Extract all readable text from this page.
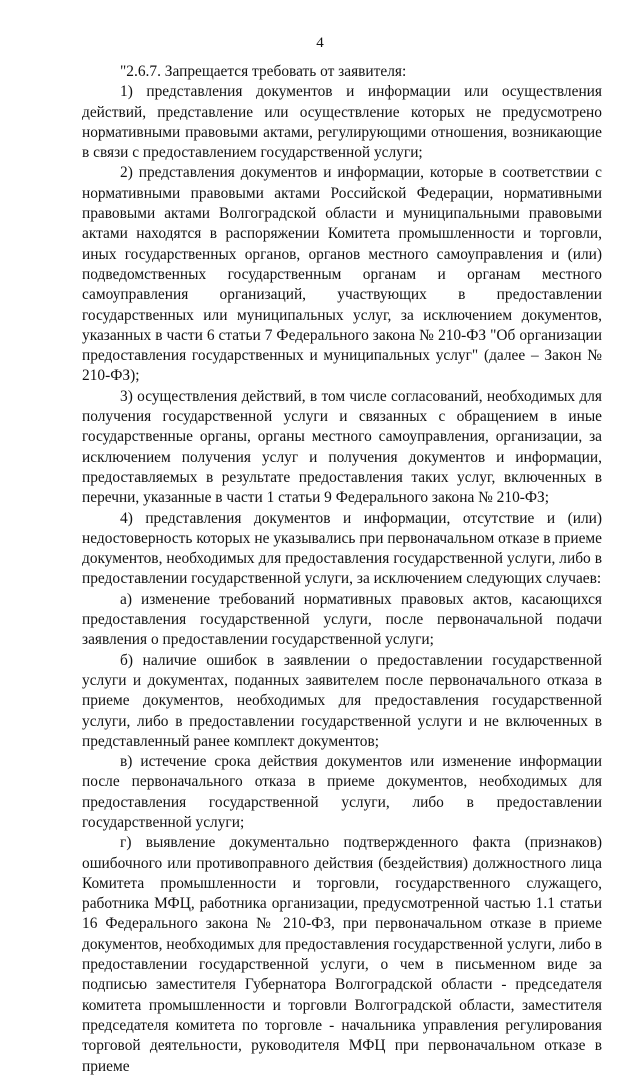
4

"2.6.7. Запрещается требовать от заявителя:

1) представления документов и информации или осуществления действий, представление или осуществление которых не предусмотрено нормативными правовыми актами, регулирующими отношения, возникающие в связи с предоставлением государственной услуги;

2) представления документов и информации, которые в соответствии с нормативными правовыми актами Российской Федерации, нормативными правовыми актами Волгоградской области и муниципальными правовыми актами находятся в распоряжении Комитета промышленности и торговли, иных государственных органов, органов местного самоуправления и (или) подведомственных государственным органам и органам местного самоуправления организаций, участвующих в предоставлении государственных или муниципальных услуг, за исключением документов, указанных в части 6 статьи 7 Федерального закона № 210-ФЗ "Об организации предоставления государственных и муниципальных услуг" (далее – Закон № 210-ФЗ);

3) осуществления действий, в том числе согласований, необходимых для получения государственной услуги и связанных с обращением в иные государственные органы, органы местного самоуправления, организации, за исключением получения услуг и получения документов и информации, предоставляемых в результате предоставления таких услуг, включенных в перечни, указанные в части 1 статьи 9 Федерального закона № 210-ФЗ;

4) представления документов и информации, отсутствие и (или) недостоверность которых не указывались при первоначальном отказе в приеме документов, необходимых для предоставления государственной услуги, либо в предоставлении государственной услуги, за исключением следующих случаев:

а) изменение требований нормативных правовых актов, касающихся предоставления государственной услуги, после первоначальной подачи заявления о предоставлении государственной услуги;

б) наличие ошибок в заявлении о предоставлении государственной услуги и документах, поданных заявителем после первоначального отказа в приеме документов, необходимых для предоставления государственной услуги, либо в предоставлении государственной услуги и не включенных в представленный ранее комплект документов;

в) истечение срока действия документов или изменение информации после первоначального отказа в приеме документов, необходимых для предоставления государственной услуги, либо в предоставлении государственной услуги;

г) выявление документально подтвержденного факта (признаков) ошибочного или противоправного действия (бездействия) должностного лица Комитета промышленности и торговли, государственного служащего, работника МФЦ, работника организации, предусмотренной частью 1.1 статьи 16 Федерального закона № 210-ФЗ, при первоначальном отказе в приеме документов, необходимых для предоставления государственной услуги, либо в предоставлении государственной услуги, о чем в письменном виде за подписью заместителя Губернатора Волгоградской области - председателя комитета промышленности и торговли Волгоградской области, заместителя председателя комитета по торговле - начальника управления регулирования торговой деятельности, руководителя МФЦ при первоначальном отказе в приеме
